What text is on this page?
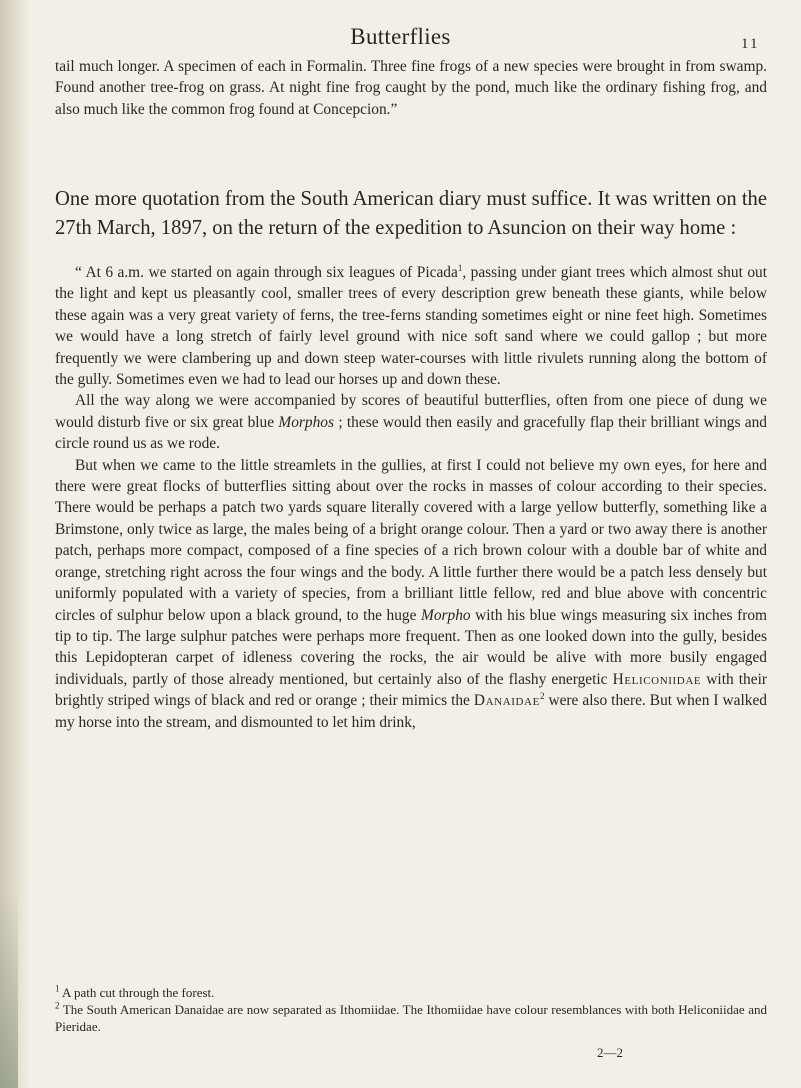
Butterflies	11

tail much longer. A specimen of each in Formalin. Three fine frogs of a new species were brought in from swamp. Found another tree-frog on grass. At night fine frog caught by the pond, much like the ordinary fishing frog, and also much like the common frog found at Concepcion.”

One more quotation from the South American diary must suffice. It was written on the 27th March, 1897, on the return of the expedition to Asuncion on their way home :

“ At 6 a.m. we started on again through six leagues of Picada$^1$, passing under giant trees which almost shut out the light and kept us pleasantly cool, smaller trees of every description grew beneath these giants, while below these again was a very great variety of ferns, the tree-ferns standing sometimes eight or nine feet high. Sometimes we would have a long stretch of fairly level ground with nice soft sand where we could gallop ; but more frequently we were clambering up and down steep water-courses with little rivulets running along the bottom of the gully. Sometimes even we had to lead our horses up and down these.

All the way along we were accompanied by scores of beautiful butterflies, often from one piece of dung we would disturb five or six great blue Morphos ; these would then easily and gracefully flap their brilliant wings and circle round us as we rode.

But when we came to the little streamlets in the gullies, at first I could not believe my own eyes, for here and there were great flocks of butterflies sitting about over the rocks in masses of colour according to their species. There would be perhaps a patch two yards square literally covered with a large yellow butterfly, something like a Brimstone, only twice as large, the males being of a bright orange colour. Then a yard or two away there is another patch, perhaps more compact, composed of a fine species of a rich brown colour with a double bar of white and orange, stretching right across the four wings and the body. A little further there would be a patch less densely but uniformly populated with a variety of species, from a brilliant little fellow, red and blue above with concentric circles of sulphur below upon a black ground, to the huge Morpho with his blue wings measuring six inches from tip to tip. The large sulphur patches were perhaps more frequent. Then as one looked down into the gully, besides this Lepidopteran carpet of idleness covering the rocks, the air would be alive with more busily engaged individuals, partly of those already mentioned, but certainly also of the flashy energetic Heliconiidae with their brightly striped wings of black and red or orange ; their mimics the Danaidae$^2$ were also there. But when I walked my horse into the stream, and dismounted to let him drink,

$^1$ A path cut through the forest.

$^2$ The South American Danaidae are now separated as Ithomiidae. The Ithomiidae have colour resemblances with both Heliconiidae and Pieridae.

2—2
